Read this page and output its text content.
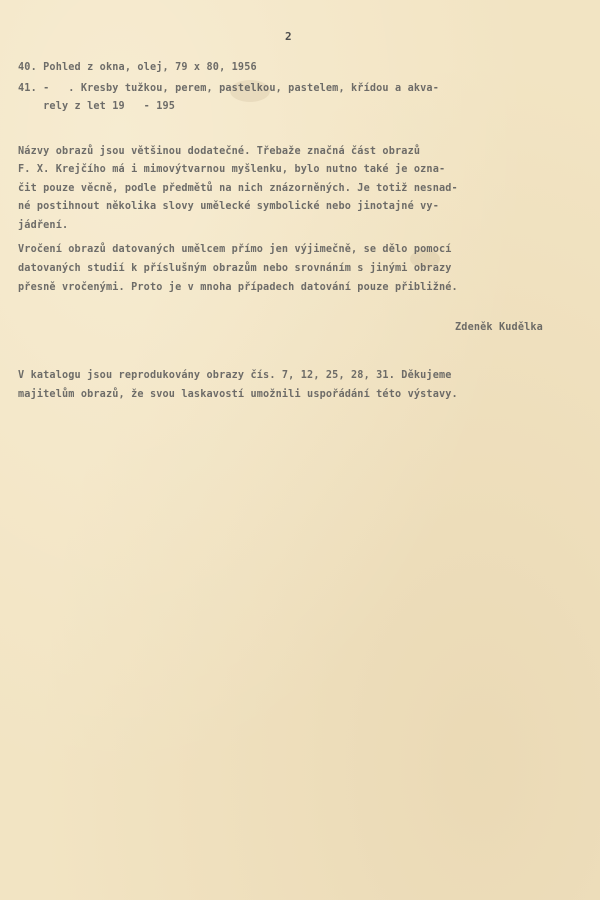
2
40. Pohled z okna, olej, 79 x 80, 1956
41. -   . Kresby tužkou, perem, pastelkou, pastelem, křídou a akva-
rely z let 19   - 195
Názvy obrazů jsou většinou dodatečné. Třebaže značná část obrazů
F. X. Krejčího má i mimovýtvarnou myšlenku, bylo nutno také je ozna-
čit pouze věcně, podle předmětů na nich znázorněných. Je totiž nesnad-
né postihnout několika slovy umělecké symbolické nebo jinotajné vy-
jádření.
Vročení obrazů datovaných umělcem přímo jen výjimečně, se dělo pomocí
datovaných studií k příslušným obrazům nebo srovnáním s jinými obrazy
přesně vročenými. Proto je v mnoha případech datování pouze přibližné.
Zdeněk Kudělka
V katalogu jsou reprodukovány obrazy čís. 7, 12, 25, 28, 31. Děkujeme
majitelům obrazů, že svou laskavostí umožnili uspořádání této výstavy.
